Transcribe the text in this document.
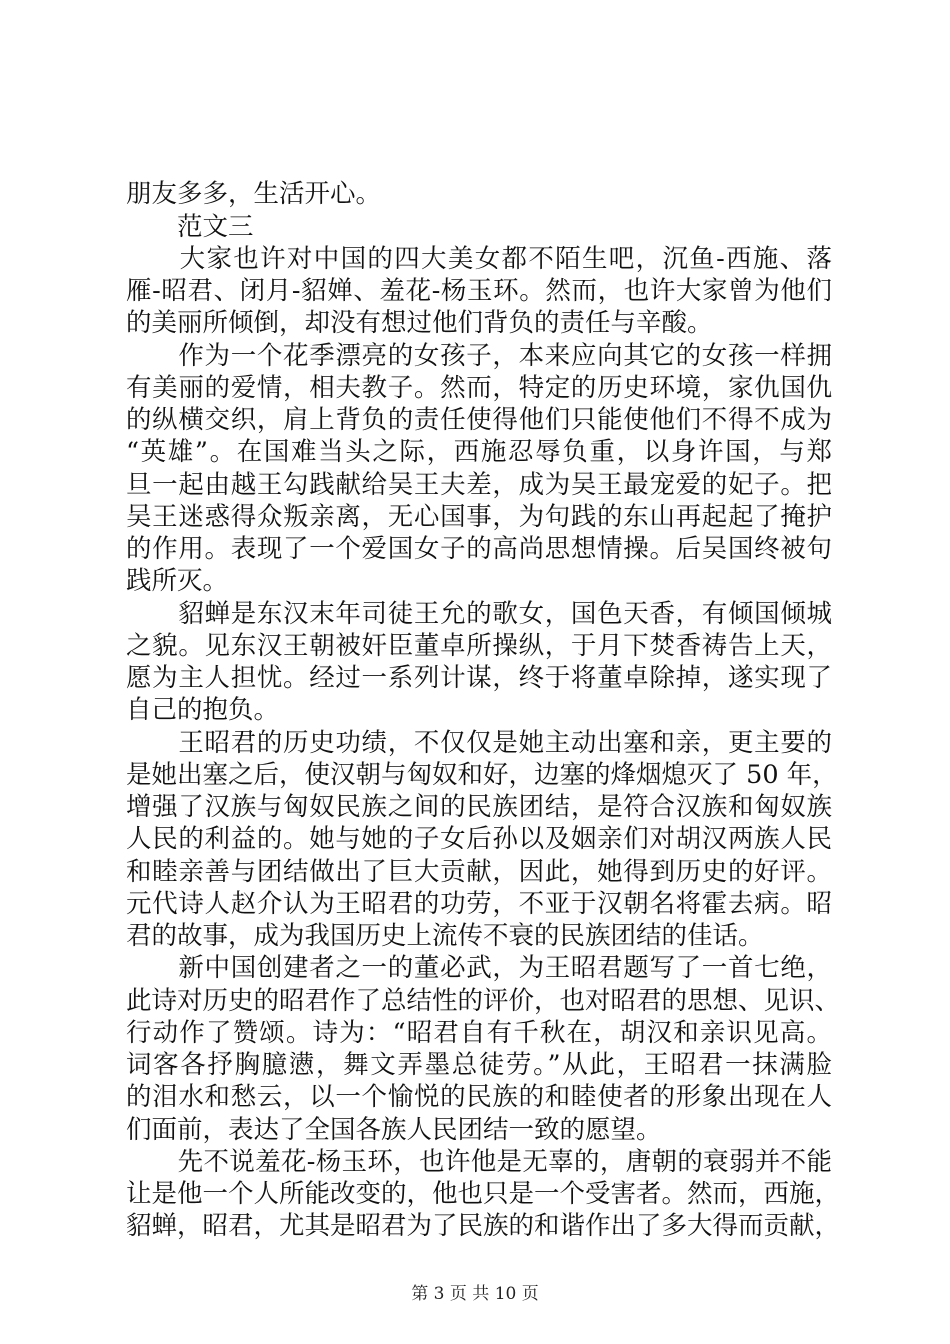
朋友多多，生活开心。
　　范文三
　　大家也许对中国的四大美女都不陌生吧，沉鱼-西施、落
雁-昭君、闭月-貂婵、羞花-杨玉环。然而，也许大家曾为他们
的美丽所倾倒，却没有想过他们背负的责任与辛酸。
　　作为一个花季漂亮的女孩子，本来应向其它的女孩一样拥
有美丽的爱情，相夫教子。然而，特定的历史环境，家仇国仇
的纵横交织，肩上背负的责任使得他们只能使他们不得不成为
“英雄”。在国难当头之际，西施忍辱负重，以身许国，与郑
旦一起由越王勾践献给吴王夫差，成为吴王最宠爱的妃子。把
吴王迷惑得众叛亲离，无心国事，为句践的东山再起起了掩护
的作用。表现了一个爱国女子的高尚思想情操。后吴国终被句
践所灭。
　　貂蝉是东汉末年司徒王允的歌女，国色天香，有倾国倾城
之貌。见东汉王朝被奸臣董卓所操纵，于月下焚香祷告上天，
愿为主人担忧。经过一系列计谋，终于将董卓除掉，遂实现了
自己的抱负。
　　王昭君的历史功绩，不仅仅是她主动出塞和亲，更主要的
是她出塞之后，使汉朝与匈奴和好，边塞的烽烟熄灭了 50 年，
增强了汉族与匈奴民族之间的民族团结，是符合汉族和匈奴族
人民的利益的。她与她的子女后孙以及姻亲们对胡汉两族人民
和睦亲善与团结做出了巨大贡献，因此，她得到历史的好评。
元代诗人赵介认为王昭君的功劳，不亚于汉朝名将霍去病。昭
君的故事，成为我国历史上流传不衰的民族团结的佳话。
　　新中国创建者之一的董必武，为王昭君题写了一首七绝，
此诗对历史的昭君作了总结性的评价，也对昭君的思想、见识、
行动作了赞颂。诗为：“昭君自有千秋在，胡汉和亲识见高。
词客各抒胸臆懑，舞文弄墨总徒劳。”从此，王昭君一抹满脸
的泪水和愁云，以一个愉悦的民族的和睦使者的形象出现在人
们面前，表达了全国各族人民团结一致的愿望。
　　先不说羞花-杨玉环，也许他是无辜的，唐朝的衰弱并不能
让是他一个人所能改变的，他也只是一个受害者。然而，西施，
貂蝉，昭君，尤其是昭君为了民族的和谐作出了多大得而贡献，
第 3 页 共 10 页
